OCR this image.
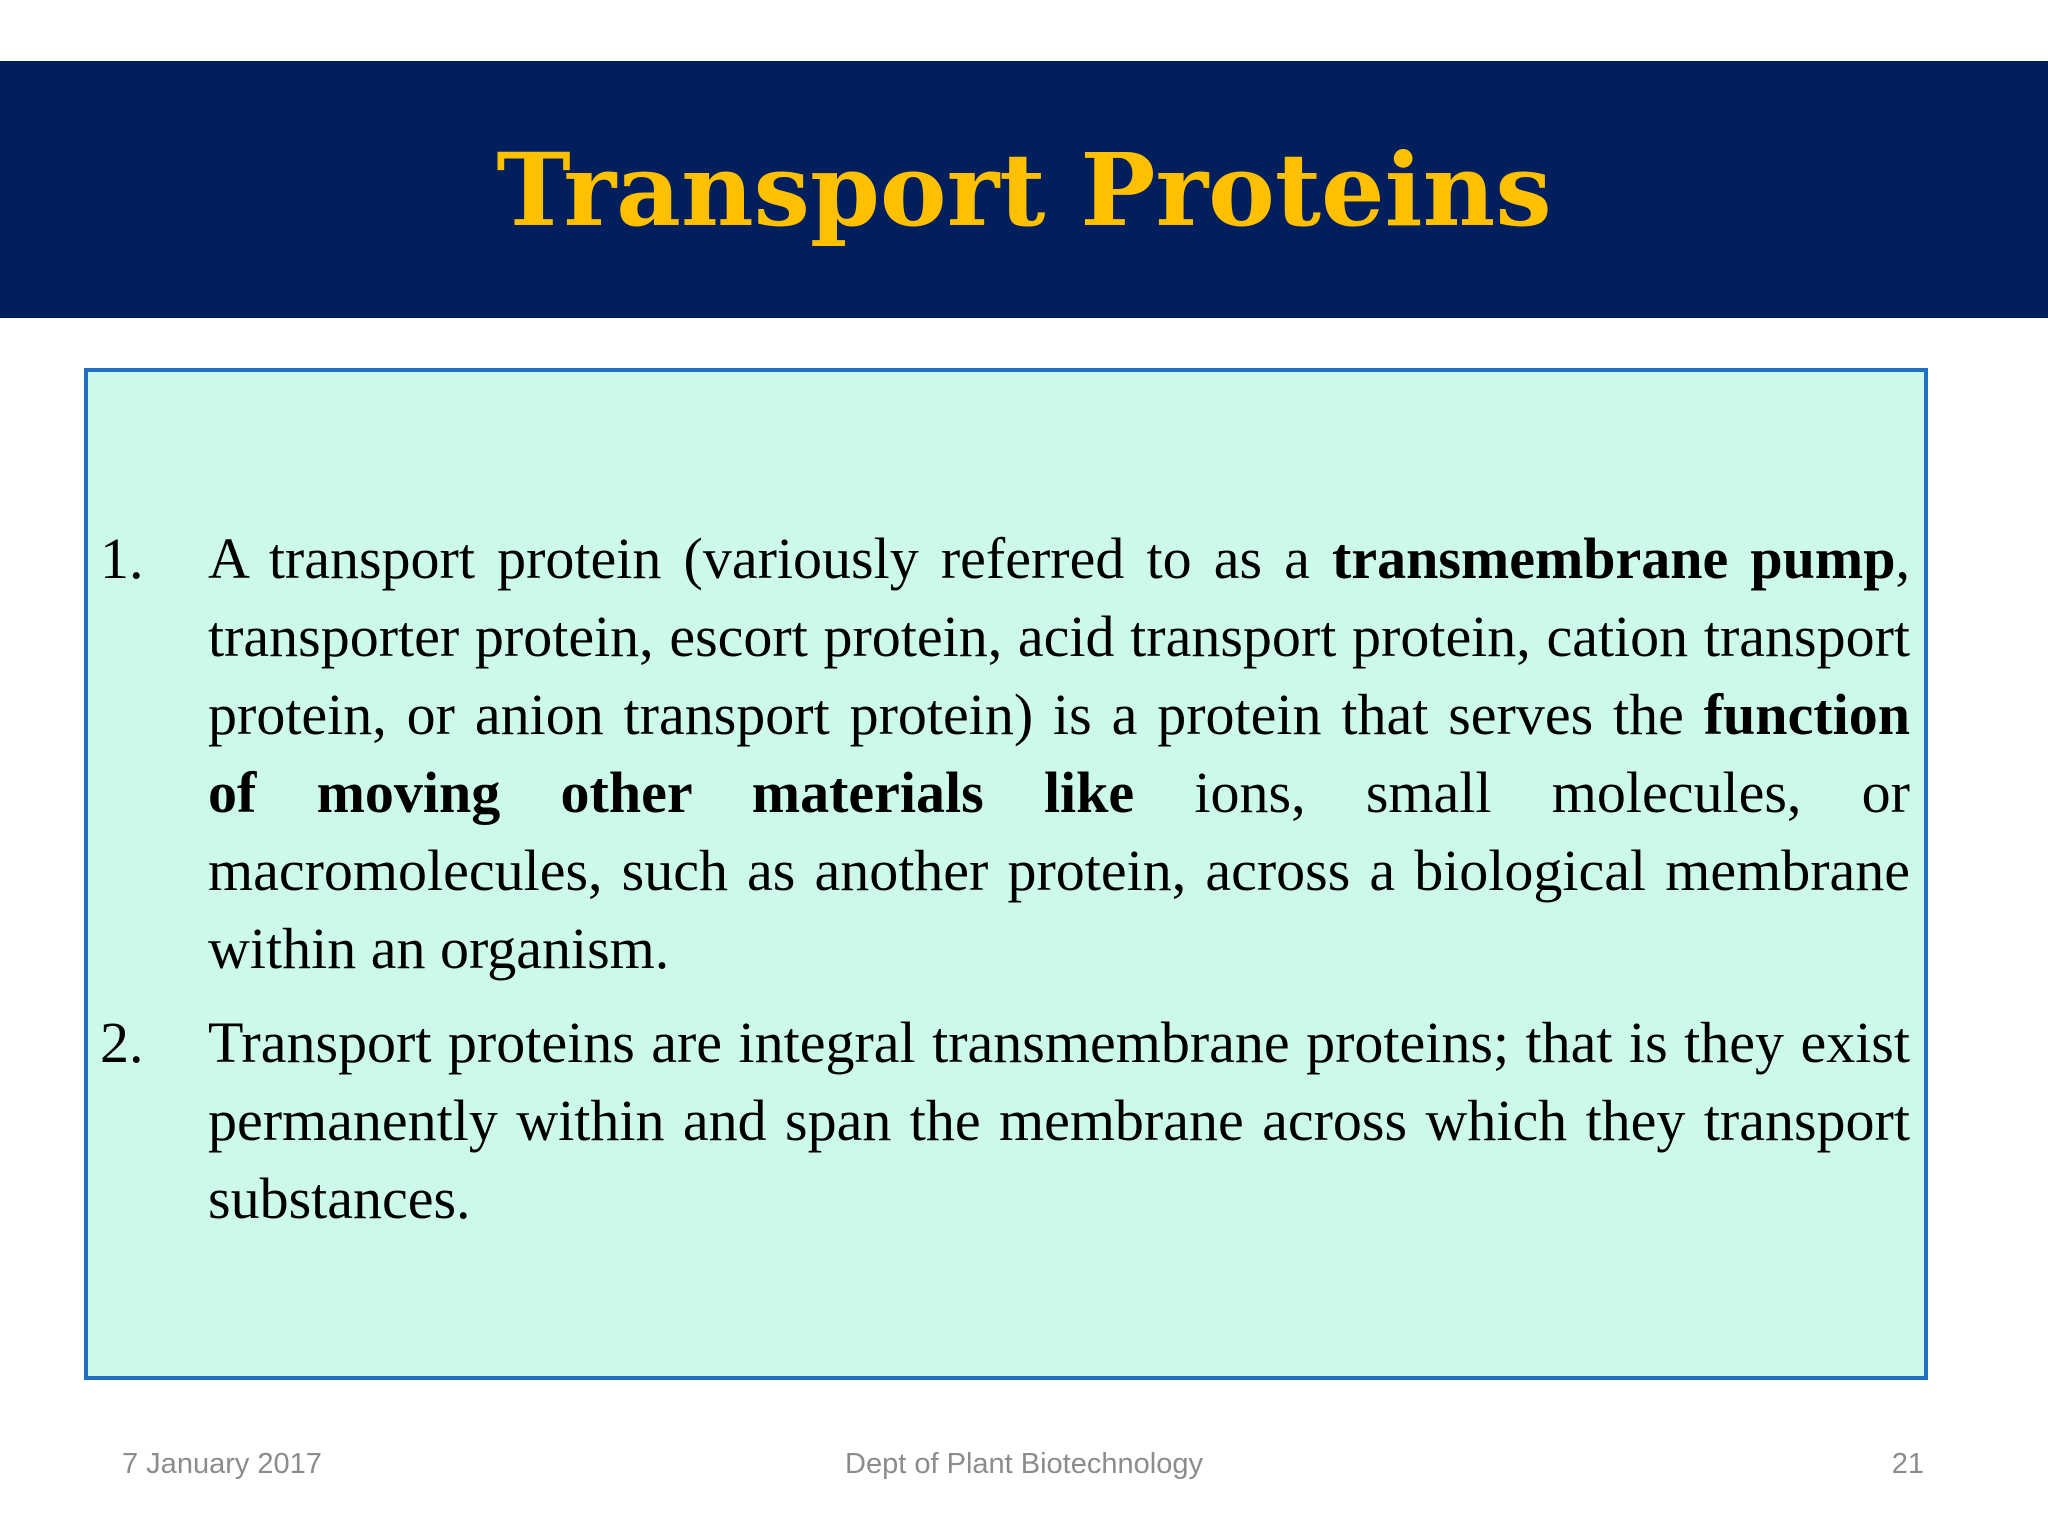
Transport Proteins
1. A transport protein (variously referred to as a transmembrane pump, transporter protein, escort protein, acid transport protein, cation transport protein, or anion transport protein) is a protein that serves the function of moving other materials like ions, small molecules, or macromolecules, such as another protein, across a biological membrane within an organism.
2. Transport proteins are integral transmembrane proteins; that is they exist permanently within and span the membrane across which they transport substances.
7 January 2017	Dept of Plant Biotechnology	21
